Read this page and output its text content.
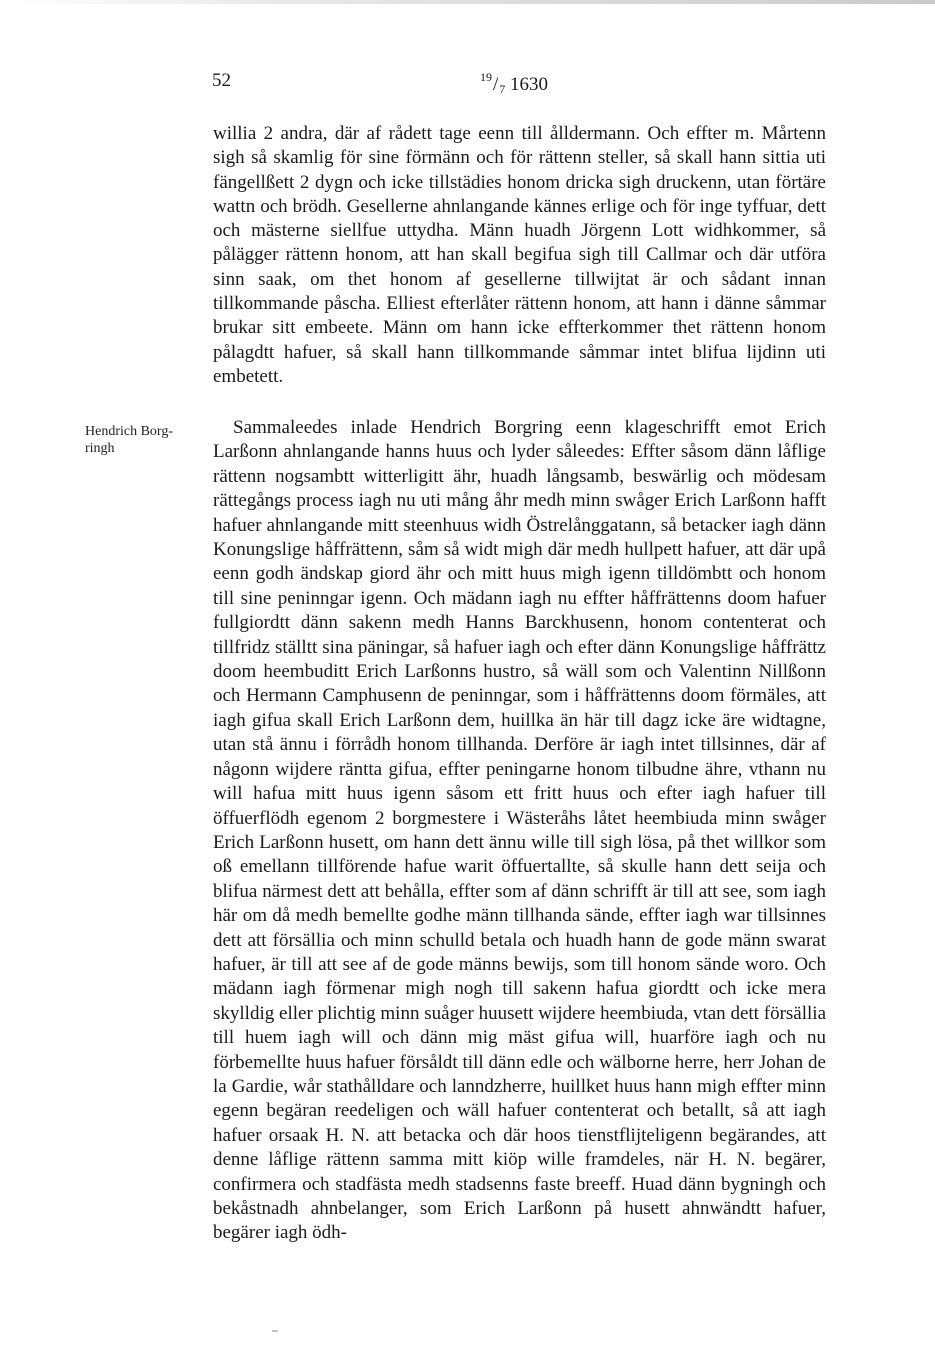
52	$^{19}/_7$ 1630
willia 2 andra, där af rådett tage eenn till ålldermann. Och effter m. Mårtenn sigh så skamlig för sine förmänn och för rättenn steller, så skall hann sittia uti fängellßett 2 dygn och icke tillstädies honom dricka sigh druckenn, utan förtäre wattn och brödh. Gesellerne ahnlangande kännes erlige och för inge tyffuar, dett och mästerne siellfue uttydha. Männ huadh Jörgenn Lott widhkommer, så pålägger rättenn honom, att han skall begifua sigh till Callmar och där utföra sinn saak, om thet honom af gesellerne tillwijtat är och sådant innan tillkommande påscha. Elliest efterlåter rättenn honom, att hann i dänne såmmar brukar sitt embeete. Männ om hann icke effterkommer thet rättenn honom pålagdtt hafuer, så skall hann tillkommande såmmar intet blifua lijdinn uti embetett.
Hendrich Borg- ringh
Sammaleedes inlade Hendrich Borgring eenn klageschrifft emot Erich Larßonn ahnlangande hanns huus och lyder såleedes: Effter såsom dänn låflige rättenn nogsambtt witterligitt ähr, huadh långsamb, beswärlig och mödesam rättegångs process iagh nu uti mång åhr medh minn swåger Erich Larßonn hafft hafuer ahnlangande mitt steenhuus widh Östrelånggatann, så betacker iagh dänn Konungslige håffrättenn, såm så widt migh där medh hullpett hafuer, att där upå eenn godh ändskap giord ähr och mitt huus migh igenn tilldömbtt och honom till sine peninngar igenn. Och mädann iagh nu effter håffrättenns doom hafuer fullgiordtt dänn sakenn medh Hanns Barckhusenn, honom contenterat och tillfridz ställtt sina päningar, så hafuer iagh och efter dänn Konungslige håffrättz doom heembuditt Erich Larßonns hustro, så wäll som och Valentinn Nillßonn och Hermann Camphusenn de peninngar, som i håffrättenns doom förmäles, att iagh gifua skall Erich Larßonn dem, huillka än här till dagz icke äre widtagne, utan stå ännu i förrådh honom tillhanda. Derföre är iagh intet tillsinnes, där af någonn wijdere räntta gifua, effter peningarne honom tilbudne ähre, vthann nu will hafua mitt huus igenn såsom ett fritt huus och efter iagh hafuer till öffuerflödh egenom 2 borgmestere i Wästeråhs låtet heembiuda minn swåger Erich Larßonn husett, om hann dett ännu wille till sigh lösa, på thet willkor som oß emellann tillförende hafue warit öffuertallte, så skulle hann dett seija och blifua närmest dett att behålla, effter som af dänn schrifft är till att see, som iagh här om då medh bemellte godhe männ tillhanda sände, effter iagh war tillsinnes dett att försällia och minn schulld betala och huadh hann de gode männ swarat hafuer, är till att see af de gode männs bewijs, som till honom sände woro. Och mädann iagh förmenar migh nogh till sakenn hafua giordtt och icke mera skylldig eller plichtig minn suåger huusett wijdere heembiuda, vtan dett försällia till huem iagh will och dänn mig mäst gifua will, huarföre iagh och nu förbemellte huus hafuer försåldt till dänn edle och wälborne herre, herr Johan de la Gardie, wår stathålldare och lanndzherre, huillket huus hann migh effter minn egenn begäran reedeligen och wäll hafuer contenterat och betallt, så att iagh hafuer orsaak H. N. att betacka och där hoos tienstflijteligenn begärandes, att denne låflige rättenn samma mitt kiöp wille framdeles, när H. N. begärer, confirmera och stadfästa medh stadsenns faste breeff. Huad dänn bygningh och bekåstnadh ahnbelanger, som Erich Larßonn på husett ahnwändtt hafuer, begärer iagh ödh-
